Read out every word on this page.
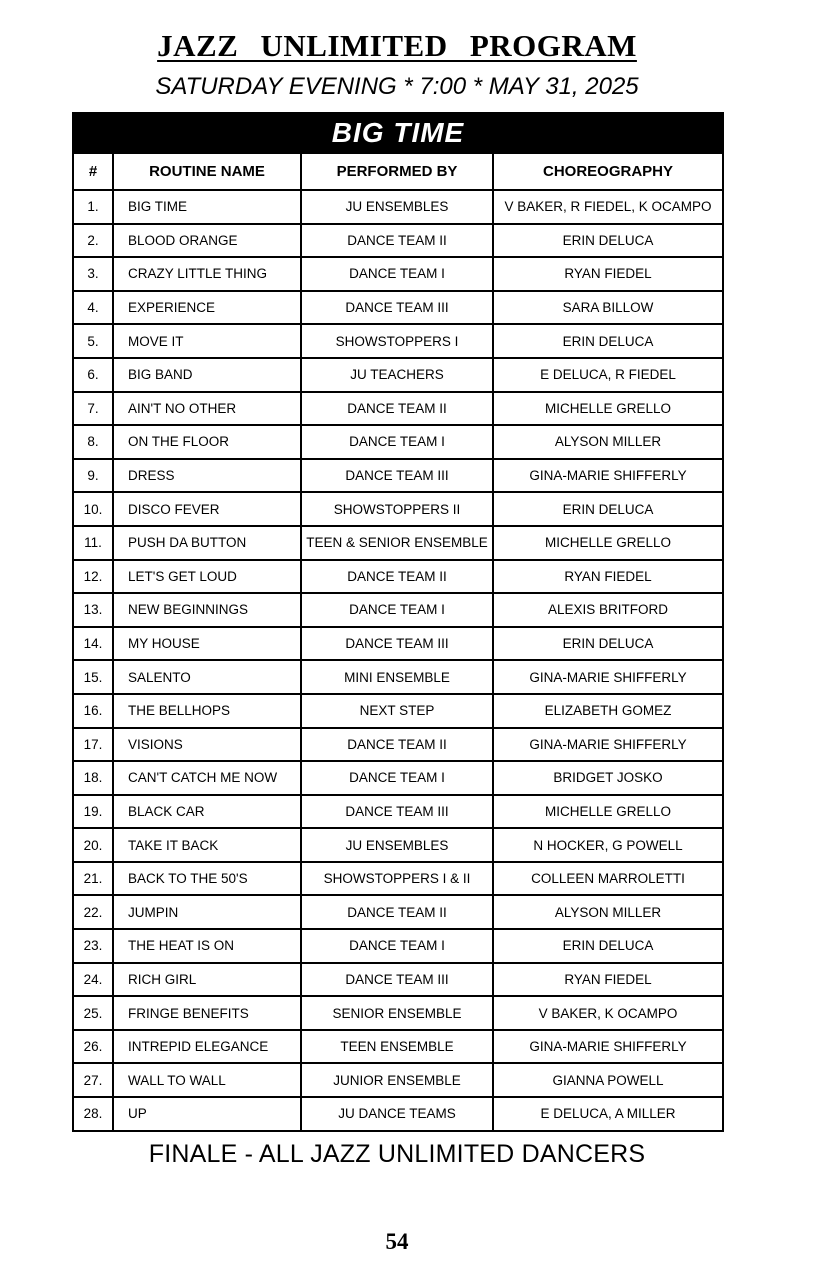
JAZZ UNLIMITED PROGRAM
SATURDAY EVENING * 7:00 * MAY 31, 2025
BIG TIME			
#	ROUTINE NAME	PERFORMED BY	CHOREOGRAPHY
1.	BIG TIME	JU ENSEMBLES	V BAKER, R FIEDEL, K OCAMPO
2.	BLOOD ORANGE	DANCE TEAM II	ERIN DELUCA
3.	CRAZY LITTLE THING	DANCE TEAM I	RYAN FIEDEL
4.	EXPERIENCE	DANCE TEAM III	SARA BILLOW
5.	MOVE IT	SHOWSTOPPERS I	ERIN DELUCA
6.	BIG BAND	JU TEACHERS	E DELUCA, R FIEDEL
7.	AIN'T NO OTHER	DANCE TEAM II	MICHELLE GRELLO
8.	ON THE FLOOR	DANCE TEAM I	ALYSON MILLER
9.	DRESS	DANCE TEAM III	GINA-MARIE SHIFFERLY
10.	DISCO FEVER	SHOWSTOPPERS II	ERIN DELUCA
11.	PUSH DA BUTTON	TEEN & SENIOR ENSEMBLE	MICHELLE GRELLO
12.	LET'S GET LOUD	DANCE TEAM II	RYAN FIEDEL
13.	NEW BEGINNINGS	DANCE TEAM I	ALEXIS BRITFORD
14.	MY HOUSE	DANCE TEAM III	ERIN DELUCA
15.	SALENTO	MINI ENSEMBLE	GINA-MARIE SHIFFERLY
16.	THE BELLHOPS	NEXT STEP	ELIZABETH GOMEZ
17.	VISIONS	DANCE TEAM II	GINA-MARIE SHIFFERLY
18.	CAN'T CATCH ME NOW	DANCE TEAM I	BRIDGET JOSKO
19.	BLACK CAR	DANCE TEAM III	MICHELLE GRELLO
20.	TAKE IT BACK	JU ENSEMBLES	N HOCKER, G POWELL
21.	BACK TO THE 50'S	SHOWSTOPPERS I & II	COLLEEN MARROLETTI
22.	JUMPIN	DANCE TEAM II	ALYSON MILLER
23.	THE HEAT IS ON	DANCE TEAM I	ERIN DELUCA
24.	RICH GIRL	DANCE TEAM III	RYAN FIEDEL
25.	FRINGE BENEFITS	SENIOR ENSEMBLE	V BAKER, K OCAMPO
26.	INTREPID ELEGANCE	TEEN ENSEMBLE	GINA-MARIE SHIFFERLY
27.	WALL TO WALL	JUNIOR ENSEMBLE	GIANNA POWELL
28.	UP	JU DANCE TEAMS	E DELUCA, A MILLER
FINALE - ALL JAZZ UNLIMITED DANCERS
54
